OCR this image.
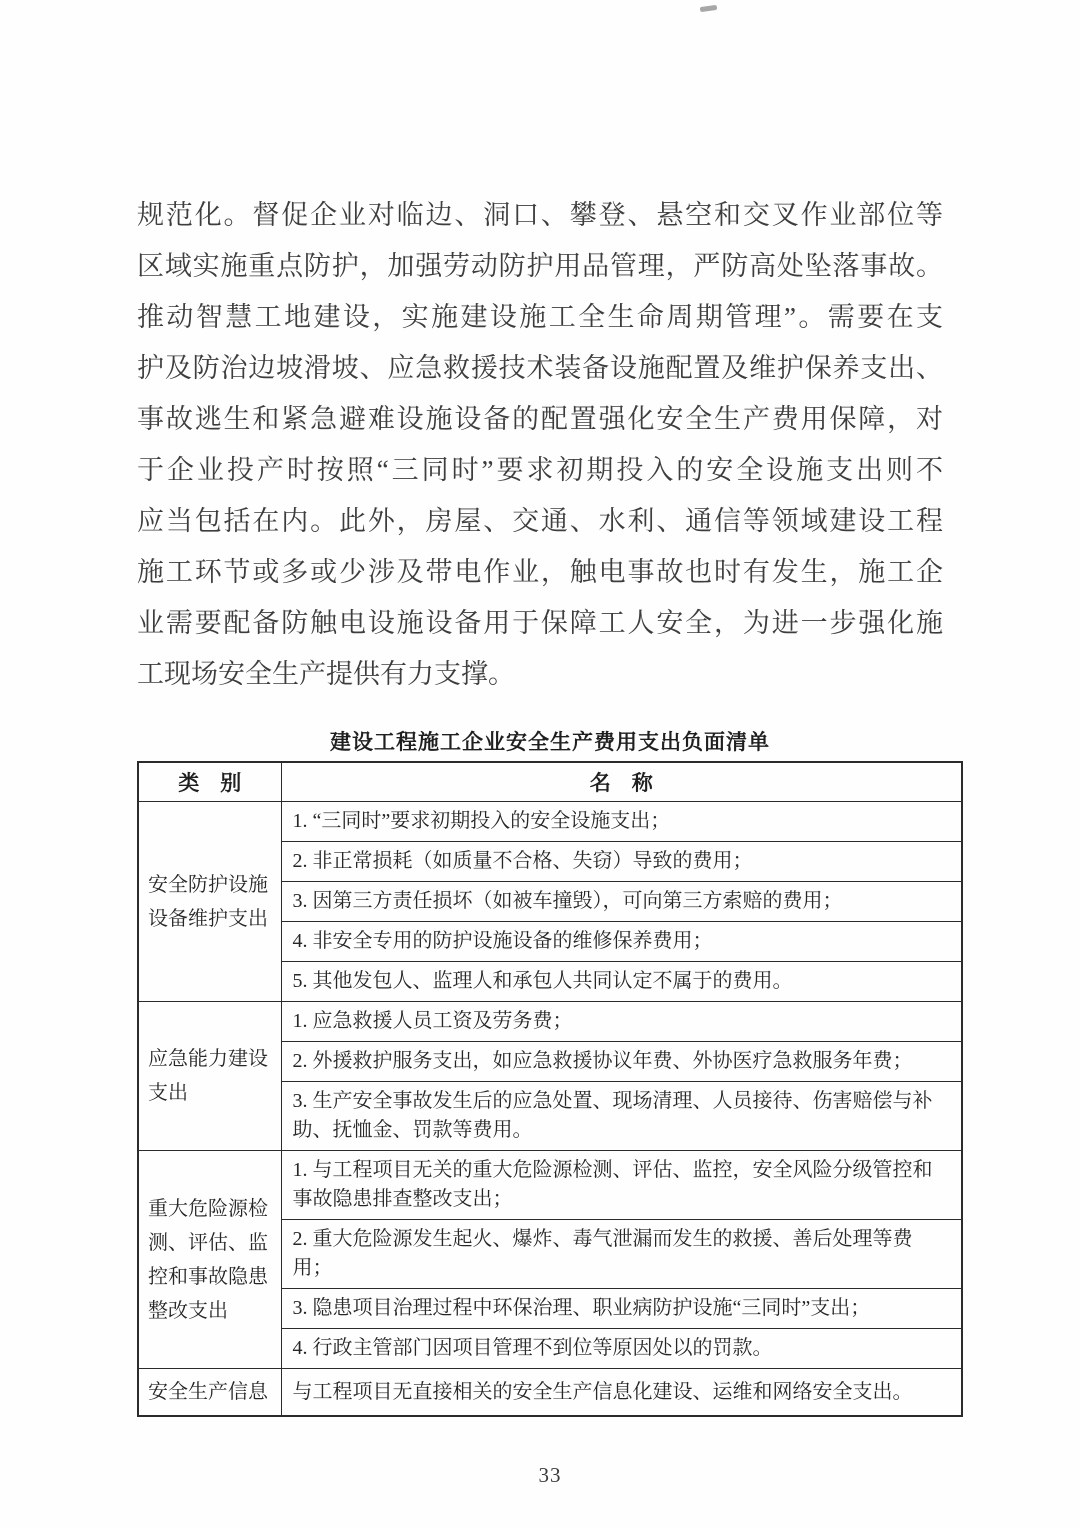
规范化。督促企业对临边、洞口、攀登、悬空和交叉作业部位等
区域实施重点防护，加强劳动防护用品管理，严防高处坠落事故。
推动智慧工地建设，实施建设施工全生命周期管理”。需要在支
护及防治边坡滑坡、应急救援技术装备设施配置及维护保养支出、
事故逃生和紧急避难设施设备的配置强化安全生产费用保障，对
于企业投产时按照“三同时”要求初期投入的安全设施支出则不
应当包括在内。此外，房屋、交通、水利、通信等领域建设工程
施工环节或多或少涉及带电作业，触电事故也时有发生，施工企
业需要配备防触电设施设备用于保障工人安全，为进一步强化施
工现场安全生产提供有力支撑。
建设工程施工企业安全生产费用支出负面清单
类　别	名　称
安全防护设施设备维护支出	1. “三同时”要求初期投入的安全设施支出；
	2. 非正常损耗（如质量不合格、失窃）导致的费用；
	3. 因第三方责任损坏（如被车撞毁），可向第三方索赔的费用；
	4. 非安全专用的防护设施设备的维修保养费用；
	5. 其他发包人、监理人和承包人共同认定不属于的费用。
应急能力建设支出	1. 应急救援人员工资及劳务费；
	2. 外援救护服务支出，如应急救援协议年费、外协医疗急救服务年费；
	3. 生产安全事故发生后的应急处置、现场清理、人员接待、伤害赔偿与补助、抚恤金、罚款等费用。
重大危险源检测、评估、监控和事故隐患整改支出	1. 与工程项目无关的重大危险源检测、评估、监控，安全风险分级管控和事故隐患排查整改支出；
	2. 重大危险源发生起火、爆炸、毒气泄漏而发生的救援、善后处理等费用；
	3. 隐患项目治理过程中环保治理、职业病防护设施“三同时”支出；
	4. 行政主管部门因项目管理不到位等原因处以的罚款。
安全生产信息	与工程项目无直接相关的安全生产信息化建设、运维和网络安全支出。
33
